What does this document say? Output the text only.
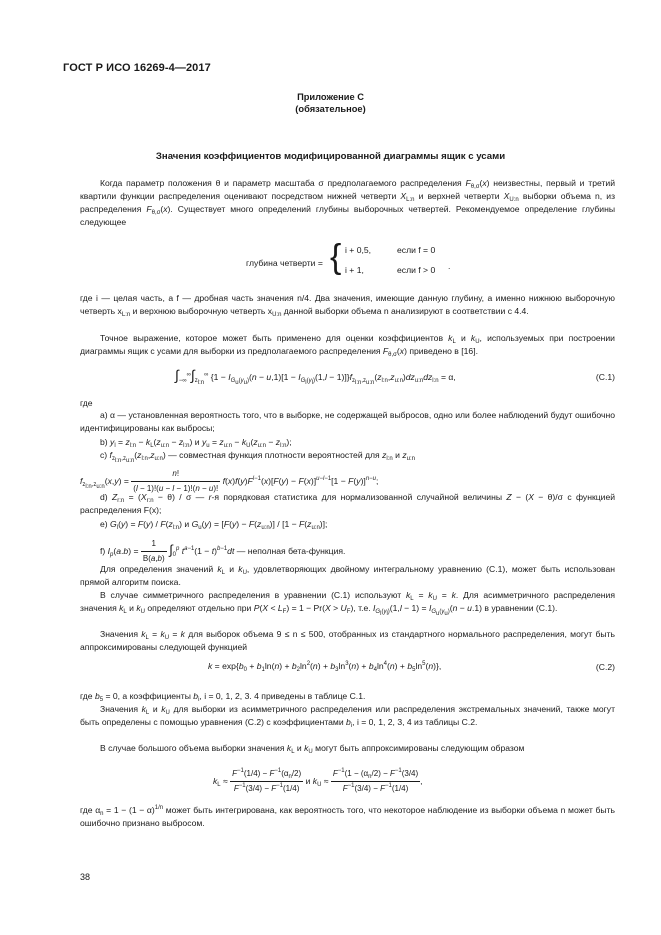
ГОСТ Р ИСО 16269-4—2017
Приложение С
(обязательное)
Значения коэффициентов модифицированной диаграммы ящик с усами
Когда параметр положения θ и параметр масштаба σ предполагаемого распределения $F_{\theta,\sigma}(x)$ неизвестны, первый и третий квартили функции распределения оценивают посредством нижней четверти $X_{L:n}$ и верхней четверти $X_{U:n}$ выборки объема n, из распределения $F_{\theta,\sigma}(x)$. Существует много определений глубины выборочных четвертей. Рекомендуемое определение глубины следующее
глубина четверти = { i + 0,5,	если f = 0
i + 1,	если f > 0 .
где i — целая часть, а f — дробная часть значения n/4. Два значения, имеющие данную глубину, а именно нижнюю выборочную четверть $x_{L:n}$ и верхнюю выборочную четверть $x_{U:n}$ данной выборки объема n анализируют в соответствии с 4.4.
Точное выражение, которое может быть применено для оценки коэффициентов $k_L$ и $k_U$, используемых при построении диаграммы ящик с усами для выборки из предполагаемого распределения $F_{\theta,\sigma}(x)$ приведено в [16].
$\int_{-\infty}^\infty\int_{z_{l:n}}^\infty$ $\{1 - I_{G_u(y_u)}(n - u,1)[1 - I_{G_l(y_l)}(1,l - 1)]\}f_{z_{l:n},z_{u:n}}(z_{l:n},z_{u:n})dz_{u:n}dz_{l:n} = \alpha$,	(С.1)
где
а) α — установленная вероятность того, что в выборке, не содержащей выбросов, одно или более наблюдений будут ошибочно идентифицированы как выбросы;
b) $y_l = z_{l:n} - k_L(z_{u:n} - z_{l:n})$ и $y_u = z_{u:n} - k_U(z_{u:n} - z_{l:n})$;
с) $f_{z_{l:n},z_{u:n}}(z_{l:n},z_{u:n})$ — совместная функция плотности вероятностей для $z_{l:n}$ и $z_{u:n}$
$f_{z_{l:n},z_{u:n}}(x,y) = \frac{n!}{(l - 1)!(u - l - 1)!(n - u)!} f(x)f(y)F^{l-1}(x)[F(y) - F(x)]^{u-l-1}[1 - F(y)]^{n-u}$;
d) $Z_{r:n} = (X_{r:n} - \theta) / \sigma$ — r-я порядковая статистика для нормализованной случайной величины Z − (X − θ)/σ с функцией распределения F(x);
е) $G_l(y) = F(y) / F(z_{l:n})$ и $G_u(y) = [F(y) - F(z_{u:n})] / [1 - F(z_{u:n})]$;
f) $I_p(a.b) = \frac{1}{B(a,b)} \int_0^p$ $t^{a-1}(1 - t)^{b-1}dt$ — неполная бета-функция.
Для определения значений $k_L$ и $k_U$, удовлетворяющих двойному интегральному уравнению (С.1), может быть использован прямой алгоритм поиска.
В случае симметричного распределения в уравнении (С.1) используют $k_L = k_U = k$. Для асимметричного распределения значения $k_L$ и $k_U$ определяют отдельно при $P(X < L_F) = 1 - Pr(X > U_F)$, т.е. $I_{G_l(y_l)}(1,l - 1) = I_{G_u(y_u)}(n - u.1)$ в уравнении (С.1).
Значения $k_L = k_U = k$ для выборок объема 9 ≤ n ≤ 500, отобранных из стандартного нормального распределения, могут быть аппроксимированы следующей функцией
$k = \exp\{b_0 + b_1\ln(n) + b_2\ln^2(n) + b_3\ln^3(n) + b_4\ln^4(n) + b_5\ln^5(n)\}$,	(С.2)
где $b_5 = 0$, а коэффициенты $b_i$, i = 0, 1, 2, 3. 4 приведены в таблице С.1.
Значения $k_L$ и $k_U$ для выборки из асимметричного распределения или распределения экстремальных значений, также могут быть определены с помощью уравнения (С.2) с коэффициентами $b_i$, i = 0, 1, 2, 3, 4 из таблицы С.2.
В случае большого объема выборки значения $k_L$ и $k_U$ могут быть аппроксимированы следующим образом
$k_L \approx \frac{F^{-1}(1/4) - F^{-1}(\alpha_n/2)}{F^{-1}(3/4) - F^{-1}(1/4)}$ и $k_U \approx \frac{F^{-1}(1 - (\alpha_n/2) - F^{-1}(3/4)}{F^{-1}(3/4) - F^{-1}(1/4)}$ ,
где $\alpha_n = 1 - (1 - \alpha)^{1/n}$ может быть интегрирована, как вероятность того, что некоторое наблюдение из выборки объема n может быть ошибочно признано выбросом.
38
